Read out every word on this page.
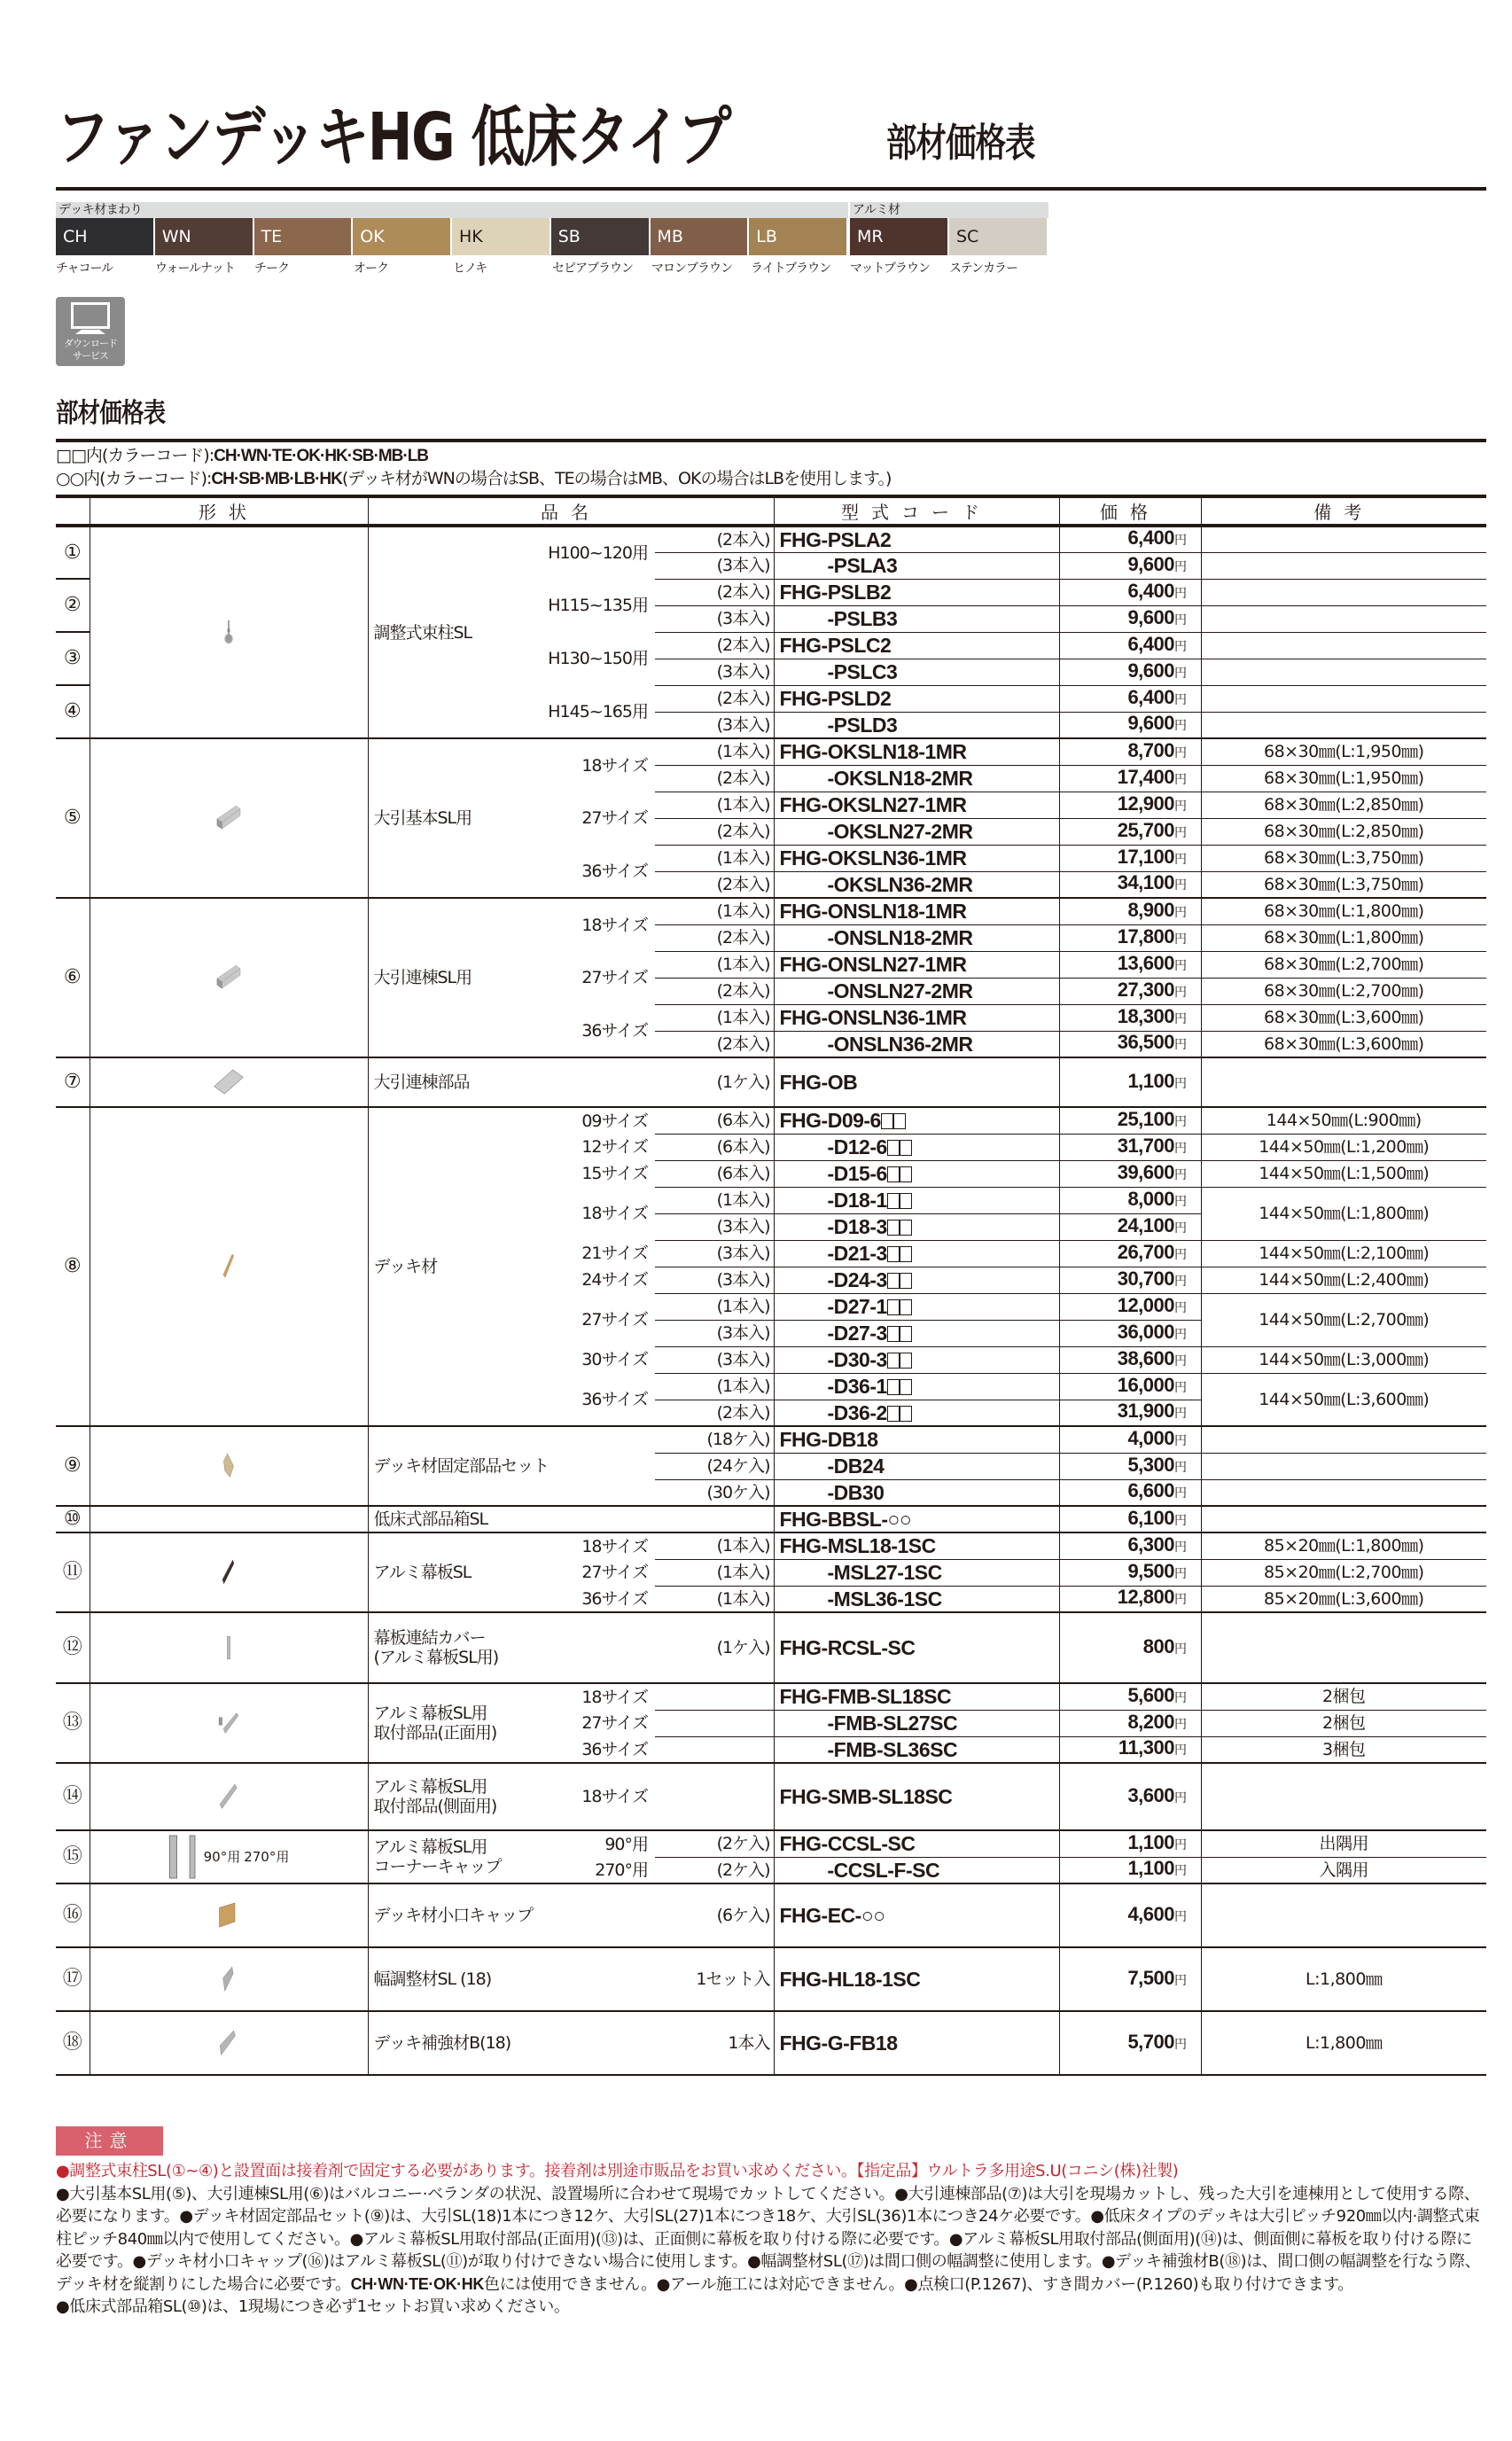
ファンデッキHG 低床タイプ	部材価格表
デッキ材まわり
CH	WN	TE	OK	HK	SB	MB	LB
アルミ材
MR	SC
チャコール	ウォールナット	チーク	オーク	ヒノキ	セピアブラウン	マロンブラウン	ライトブラウン	マットブラウン	ステンカラー
ダウンロード
サービス
部材価格表
□□内(カラーコード):CH·WN·TE·OK·HK·SB·MB·LB
○○内(カラーコード):CH·SB·MB·LB·HK(デッキ材がWNの場合はSB、TEの場合はMB、OKの場合はLBを使用します。)
	形状	品名			型式コード	価格	備考
①		調整式束柱SL	H100~120用	(2本入)	FHG-PSLA2	6,400円	
				(3本入)	-PSLA3	9,600円	
②			H115~135用	(2本入)	FHG-PSLB2	6,400円	
				(3本入)	-PSLB3	9,600円	
③			H130~150用	(2本入)	FHG-PSLC2	6,400円	
				(3本入)	-PSLC3	9,600円	
④			H145~165用	(2本入)	FHG-PSLD2	6,400円	
				(3本入)	-PSLD3	9,600円	
⑤		大引基本SL用	18サイズ	(1本入)	FHG-OKSLN18-1MR	8,700円	68×30㎜(L:1,950㎜)
				(2本入)	-OKSLN18-2MR	17,400円	68×30㎜(L:1,950㎜)
			27サイズ	(1本入)	FHG-OKSLN27-1MR	12,900円	68×30㎜(L:2,850㎜)
				(2本入)	-OKSLN27-2MR	25,700円	68×30㎜(L:2,850㎜)
			36サイズ	(1本入)	FHG-OKSLN36-1MR	17,100円	68×30㎜(L:3,750㎜)
				(2本入)	-OKSLN36-2MR	34,100円	68×30㎜(L:3,750㎜)
⑥		大引連棟SL用	18サイズ	(1本入)	FHG-ONSLN18-1MR	8,900円	68×30㎜(L:1,800㎜)
				(2本入)	-ONSLN18-2MR	17,800円	68×30㎜(L:1,800㎜)
			27サイズ	(1本入)	FHG-ONSLN27-1MR	13,600円	68×30㎜(L:2,700㎜)
				(2本入)	-ONSLN27-2MR	27,300円	68×30㎜(L:2,700㎜)
			36サイズ	(1本入)	FHG-ONSLN36-1MR	18,300円	68×30㎜(L:3,600㎜)
				(2本入)	-ONSLN36-2MR	36,500円	68×30㎜(L:3,600㎜)
⑦		大引連棟部品		(1ケ入)	FHG-OB	1,100円	
⑧		デッキ材	09サイズ	(6本入)	FHG-D09-6	25,100円	144×50㎜(L:900㎜)
			12サイズ	(6本入)	-D12-6	31,700円	144×50㎜(L:1,200㎜)
			15サイズ	(6本入)	-D15-6	39,600円	144×50㎜(L:1,500㎜)
			18サイズ	(1本入)	-D18-1	8,000円	144×50㎜(L:1,800㎜)
				(3本入)	-D18-3	24,100円	
			21サイズ	(3本入)	-D21-3	26,700円	144×50㎜(L:2,100㎜)
			24サイズ	(3本入)	-D24-3	30,700円	144×50㎜(L:2,400㎜)
			27サイズ	(1本入)	-D27-1	12,000円	144×50㎜(L:2,700㎜)
				(3本入)	-D27-3	36,000円	
			30サイズ	(3本入)	-D30-3	38,600円	144×50㎜(L:3,000㎜)
			36サイズ	(1本入)	-D36-1	16,000円	144×50㎜(L:3,600㎜)
				(2本入)	-D36-2	31,900円	
⑨		デッキ材固定部品セット		(18ケ入)	FHG-DB18	4,000円	
				(24ケ入)	-DB24	5,300円	
				(30ケ入)	-DB30	6,600円	
⑩		低床式部品箱SL			FHG-BBSL-○○	6,100円	
⑪		アルミ幕板SL	18サイズ	(1本入)	FHG-MSL18-1SC	6,300円	85×20㎜(L:1,800㎜)
			27サイズ	(1本入)	-MSL27-1SC	9,500円	85×20㎜(L:2,700㎜)
			36サイズ	(1本入)	-MSL36-1SC	12,800円	85×20㎜(L:3,600㎜)
⑫		幕板連結カバー
(アルミ幕板SL用)		(1ケ入)	FHG-RCSL-SC	800円	
⑬		アルミ幕板SL用
取付部品(正面用)	18サイズ		FHG-FMB-SL18SC	5,600円	2梱包
			27サイズ		-FMB-SL27SC	8,200円	2梱包
			36サイズ		-FMB-SL36SC	11,300円	3梱包
⑭		アルミ幕板SL用
取付部品(側面用)	18サイズ		FHG-SMB-SL18SC	3,600円	
⑮	90°用 270°用	アルミ幕板SL用
コーナーキャップ	90°用	(2ケ入)	FHG-CCSL-SC	1,100円	出隅用
			270°用	(2ケ入)	-CCSL-F-SC	1,100円	入隅用
⑯		デッキ材小口キャップ		(6ケ入)	FHG-EC-○○	4,600円	
⑰		幅調整材SL (18)		1セット入	FHG-HL18-1SC	7,500円	L:1,800㎜
⑱		デッキ補強材B(18)		1本入	FHG-G-FB18	5,700円	L:1,800㎜
注意

●調整式束柱SL(①~④)と設置面は接着剤で固定する必要があります。接着剤は別途市販品をお買い求めください。【指定品】ウルトラ多用途S.U(コニシ(株)社製)

●大引基本SL用(⑤)、大引連棟SL用(⑥)はバルコニー·ベランダの状況、設置場所に合わせて現場でカットしてください。●大引連棟部品(⑦)は大引を現場カットし、残った大引を連棟用として使用する際、必要になります。●デッキ材固定部品セット(⑨)は、大引SL(18)1本につき12ケ、大引SL(27)1本につき18ケ、大引SL(36)1本につき24ケ必要です。●低床タイプのデッキは大引ピッチ920㎜以内·調整式束柱ピッチ840㎜以内で使用してください。●アルミ幕板SL用取付部品(正面用)(⑬)は、正面側に幕板を取り付ける際に必要です。●アルミ幕板SL用取付部品(側面用)(⑭)は、側面側に幕板を取り付ける際に必要です。●デッキ材小口キャップ(⑯)はアルミ幕板SL(⑪)が取り付けできない場合に使用します。●幅調整材SL(⑰)は間口側の幅調整に使用します。●デッキ補強材B(⑱)は、間口側の幅調整を行なう際、デッキ材を縦割りにした場合に必要です。CH·WN·TE·OK·HK色には使用できません。●アール施工には対応できません。●点検口(P.1267)、すき間カバー(P.1260)も取り付けできます。

●低床式部品箱SL(⑩)は、1現場につき必ず1セットお買い求めください。
